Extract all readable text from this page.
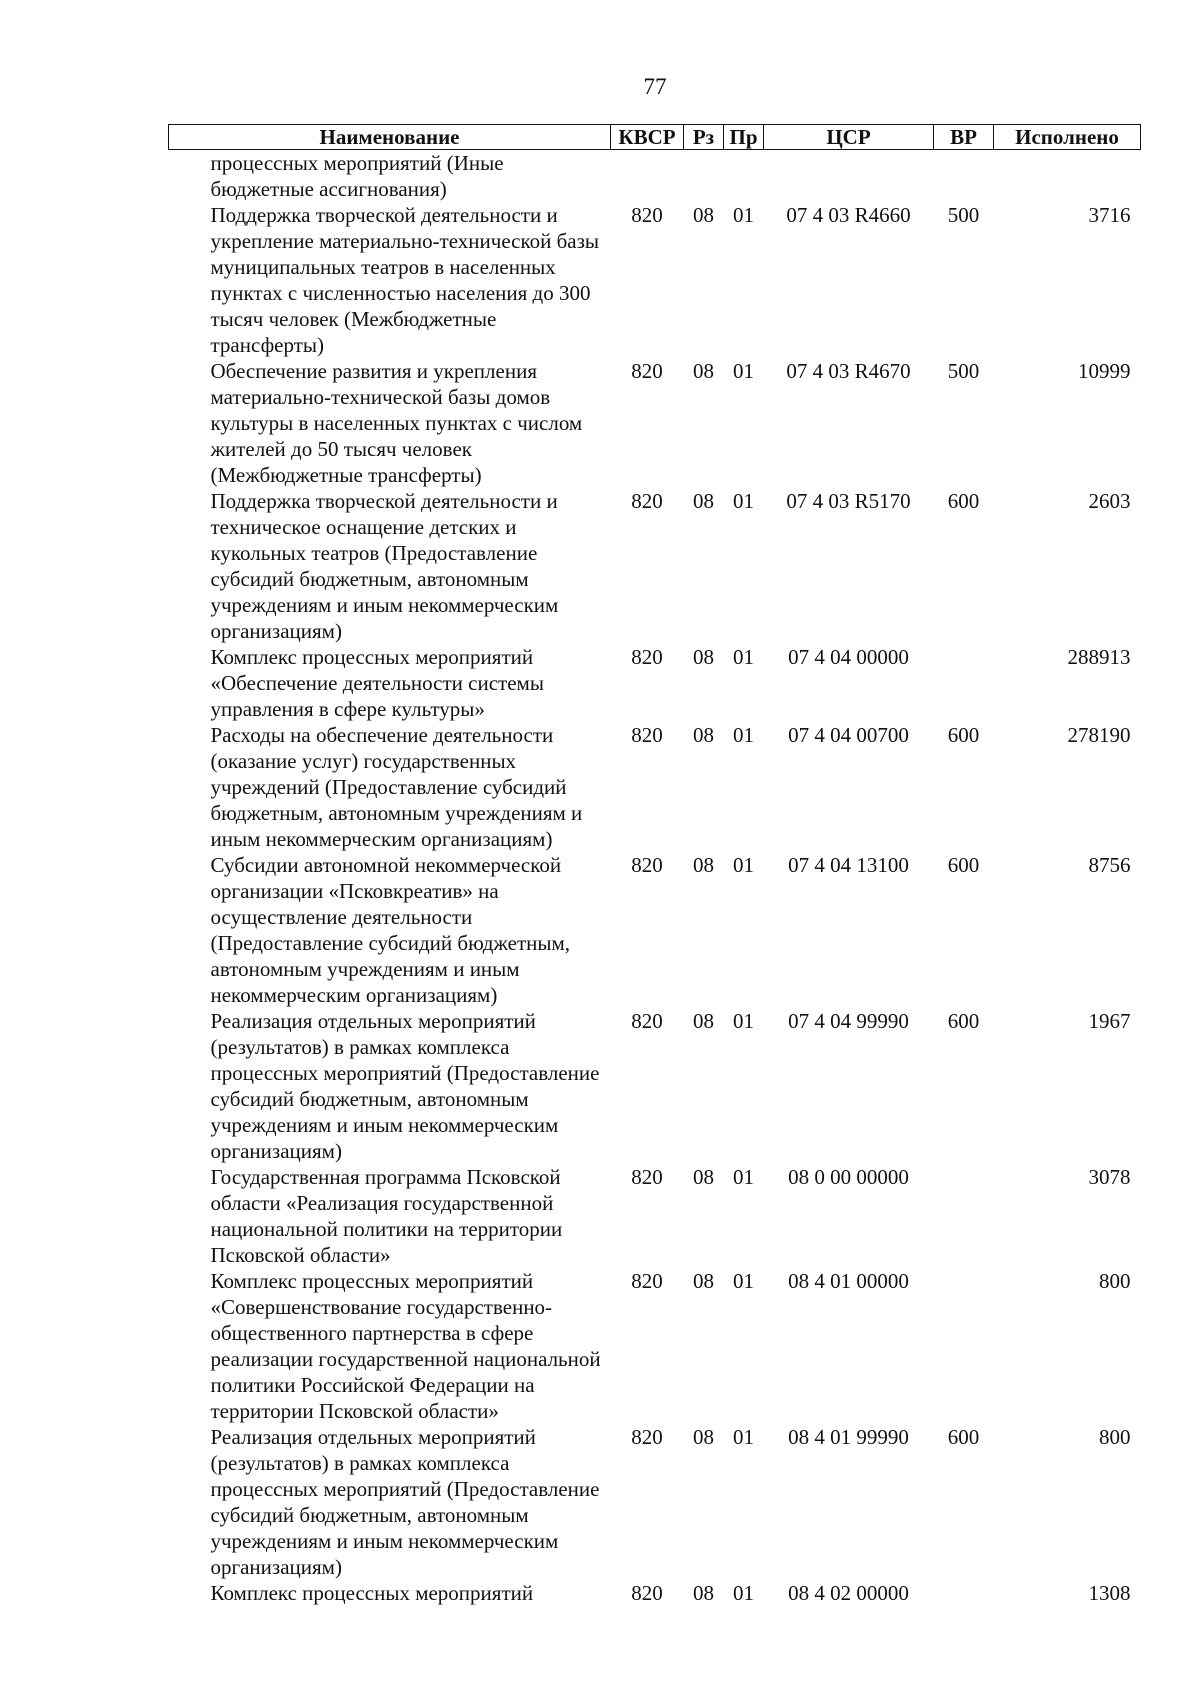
77
Наименование	КВСР	Рз	Пр	ЦСР	ВР	Исполнено
процессных мероприятий (Иные бюджетные ассигнования)						
Поддержка творческой деятельности и укрепление материально-технической базы муниципальных театров в населенных пунктах с численностью населения до 300 тысяч человек (Межбюджетные трансферты)	820	08	01	07 4 03 R4660	500	3716
Обеспечение развития и укрепления материально-технической базы домов культуры в населенных пунктах с числом жителей до 50 тысяч человек (Межбюджетные трансферты)	820	08	01	07 4 03 R4670	500	10999
Поддержка творческой деятельности и техническое оснащение детских и кукольных театров (Предоставление субсидий бюджетным, автономным учреждениям и иным некоммерческим организациям)	820	08	01	07 4 03 R5170	600	2603
Комплекс процессных мероприятий «Обеспечение деятельности системы управления в сфере культуры»	820	08	01	07 4 04 00000		288913
Расходы на обеспечение деятельности (оказание услуг) государственных учреждений (Предоставление субсидий бюджетным, автономным учреждениям и иным некоммерческим организациям)	820	08	01	07 4 04 00700	600	278190
Субсидии автономной некоммерческой организации «Псковкреатив» на осуществление деятельности (Предоставление субсидий бюджетным, автономным учреждениям и иным некоммерческим организациям)	820	08	01	07 4 04 13100	600	8756
Реализация отдельных мероприятий (результатов) в рамках комплекса процессных мероприятий (Предоставление субсидий бюджетным, автономным учреждениям и иным некоммерческим организациям)	820	08	01	07 4 04 99990	600	1967
Государственная программа Псковской области «Реализация государственной национальной политики на территории Псковской области»	820	08	01	08 0 00 00000		3078
Комплекс процессных мероприятий «Совершенствование государственно-общественного партнерства в сфере реализации государственной национальной политики Российской Федерации на территории Псковской области»	820	08	01	08 4 01 00000		800
Реализация отдельных мероприятий (результатов) в рамках комплекса процессных мероприятий (Предоставление субсидий бюджетным, автономным учреждениям и иным некоммерческим организациям)	820	08	01	08 4 01 99990	600	800
Комплекс процессных мероприятий	820	08	01	08 4 02 00000		1308
